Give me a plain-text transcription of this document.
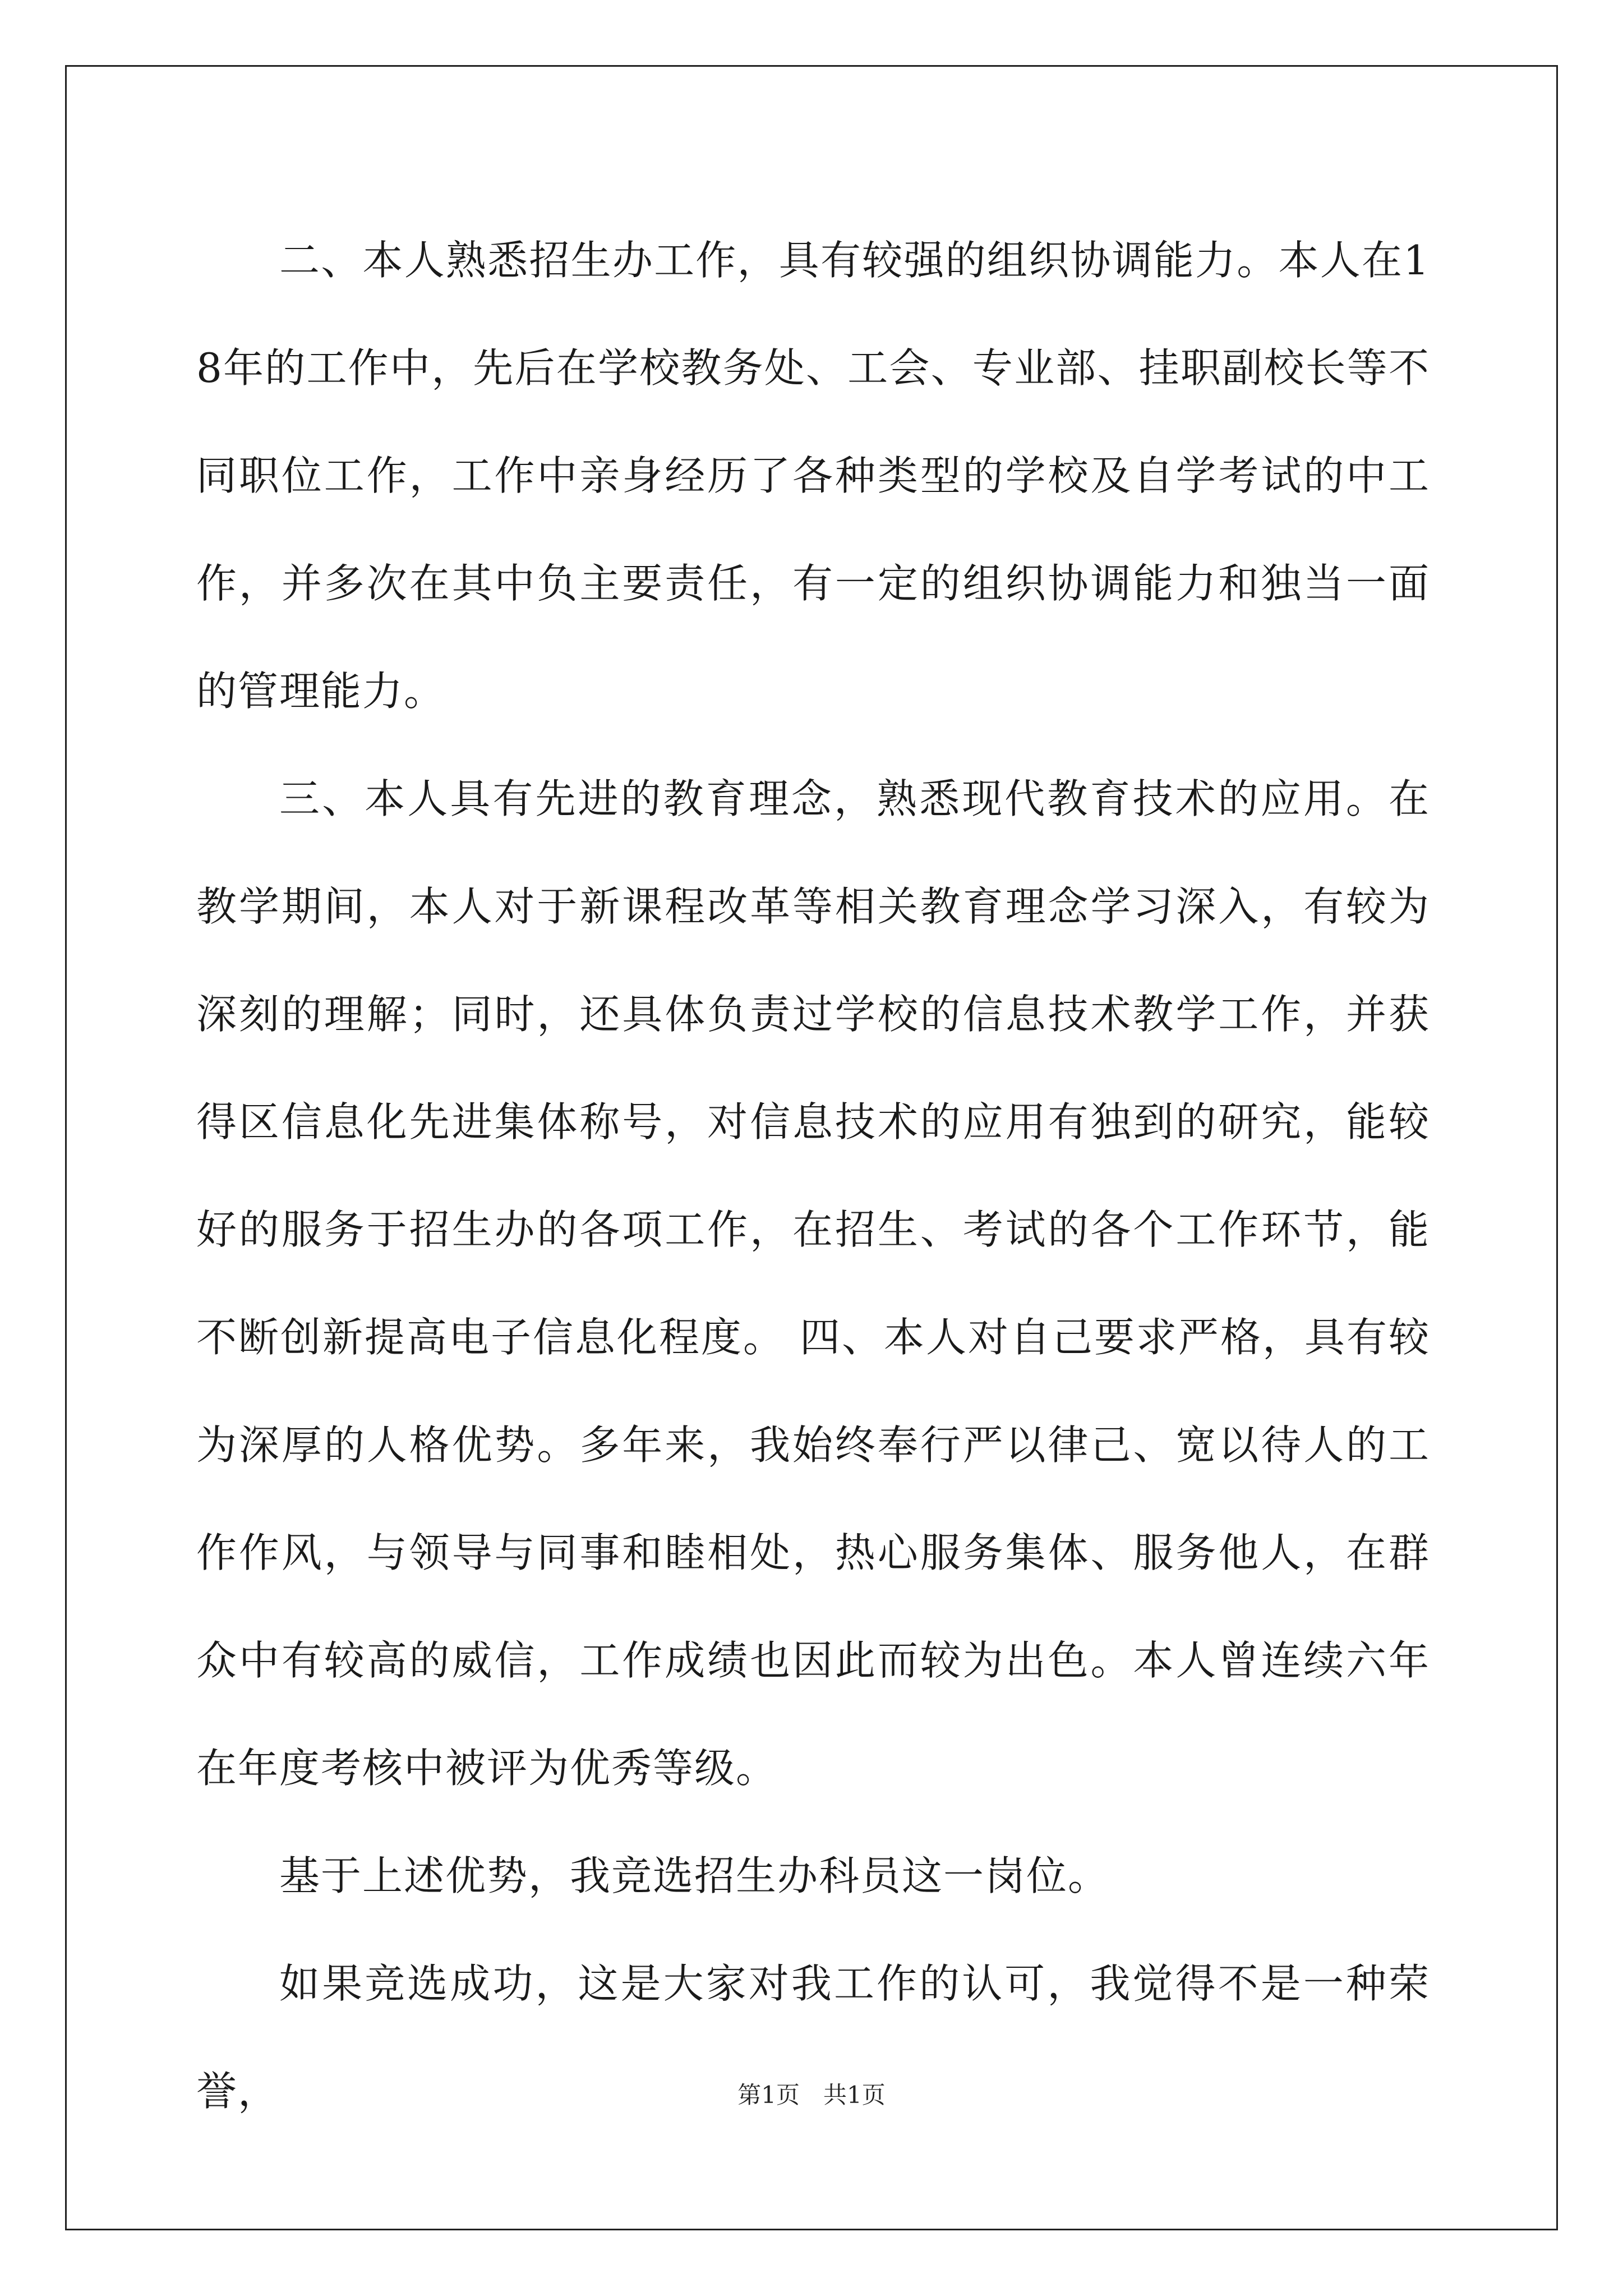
二、本人熟悉招生办工作，具有较强的组织协调能力。本人在18年的工作中，先后在学校教务处、工会、专业部、挂职副校长等不同职位工作，工作中亲身经历了各种类型的学校及自学考试的中工作，并多次在其中负主要责任，有一定的组织协调能力和独当一面的管理能力。

三、本人具有先进的教育理念，熟悉现代教育技术的应用。在教学期间，本人对于新课程改革等相关教育理念学习深入，有较为深刻的理解；同时，还具体负责过学校的信息技术教学工作，并获得区信息化先进集体称号，对信息技术的应用有独到的研究，能较好的服务于招生办的各项工作，在招生、考试的各个工作环节，能不断创新提高电子信息化程度。 四、本人对自己要求严格，具有较为深厚的人格优势。多年来，我始终奉行严以律己、宽以待人的工作作风，与领导与同事和睦相处，热心服务集体、服务他人，在群众中有较高的威信，工作成绩也因此而较为出色。本人曾连续六年在年度考核中被评为优秀等级。

基于上述优势，我竞选招生办科员这一岗位。

如果竞选成功，这是大家对我工作的认可，我觉得不是一种荣誉，	第1页　共1页
